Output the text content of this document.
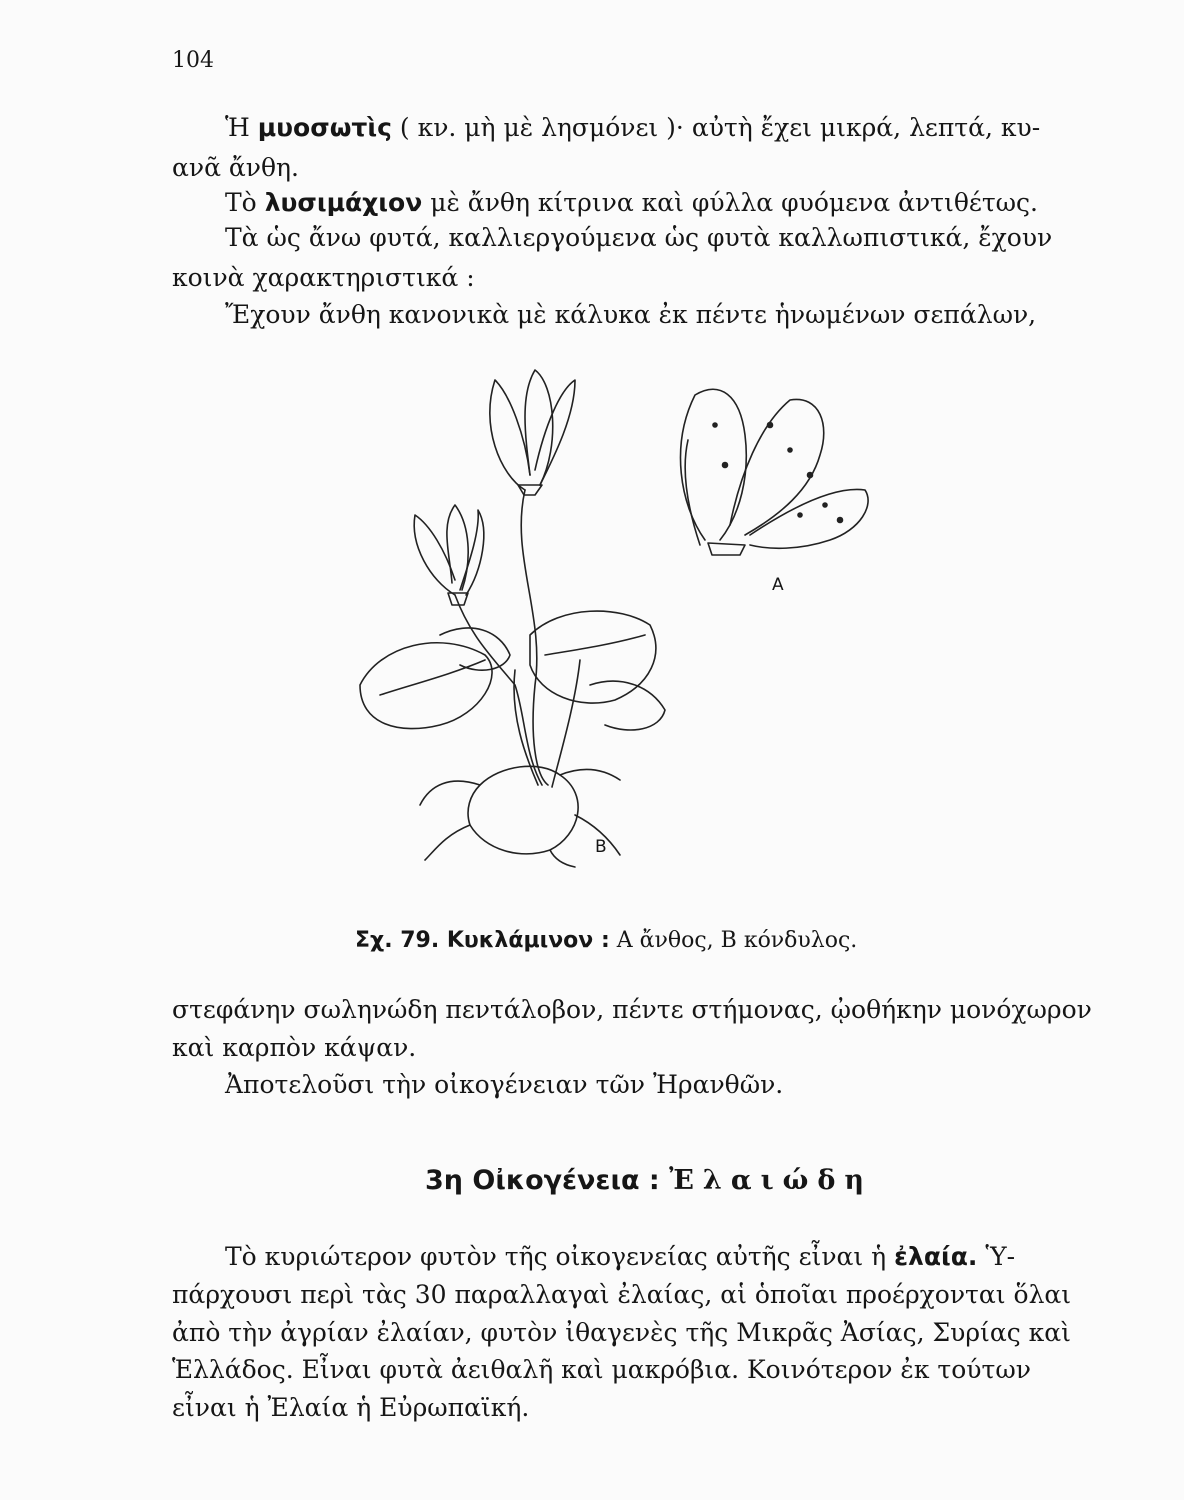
104

Ἡ μυοσωτὶς ( κν. μὴ μὲ λησμόνει )· αὐτὴ ἔχει μικρά, λεπτά, κυ-

ανᾶ ἄνθη.

Τὸ λυσιμάχιον μὲ ἄνθη κίτρινα καὶ φύλλα φυόμενα ἀντιθέτως.

Τὰ ὡς ἄνω φυτά, καλλιεργούμενα ὡς φυτὰ καλλωπιστικά, ἔχουν

κοινὰ χαρακτηριστικά :

Ἔχουν ἄνθη κανονικὰ μὲ κάλυκα ἐκ πέντε ἡνωμένων σεπάλων,

Α
Β
Σχ. 79. Κυκλάμινον : Α ἄνθος, Β κόνδυλος.

στεφάνην σωληνώδη πεντάλοβον, πέντε στήμονας, ᾠοθήκην μονόχωρον

καὶ καρπὸν κάψαν.

Ἀποτελοῦσι τὴν οἰκογένειαν τῶν Ἠρανθῶν.

3η Οἰκογένεια : Ἐλαιώδη

Τὸ κυριώτερον φυτὸν τῆς οἰκογενείας αὐτῆς εἶναι ἡ ἐλαία. Ὑ-

πάρχουσι περὶ τὰς 30 παραλλαγαὶ ἐλαίας, αἱ ὁποῖαι προέρχονται ὅλαι

ἀπὸ τὴν ἀγρίαν ἐλαίαν, φυτὸν ἰθαγενὲς τῆς Μικρᾶς Ἀσίας, Συρίας καὶ

Ἑλλάδος. Εἶναι φυτὰ ἀειθαλῆ καὶ μακρόβια. Κοινότερον ἐκ τούτων

εἶναι ἡ Ἐλαία ἡ Εὐρωπαϊκή.
